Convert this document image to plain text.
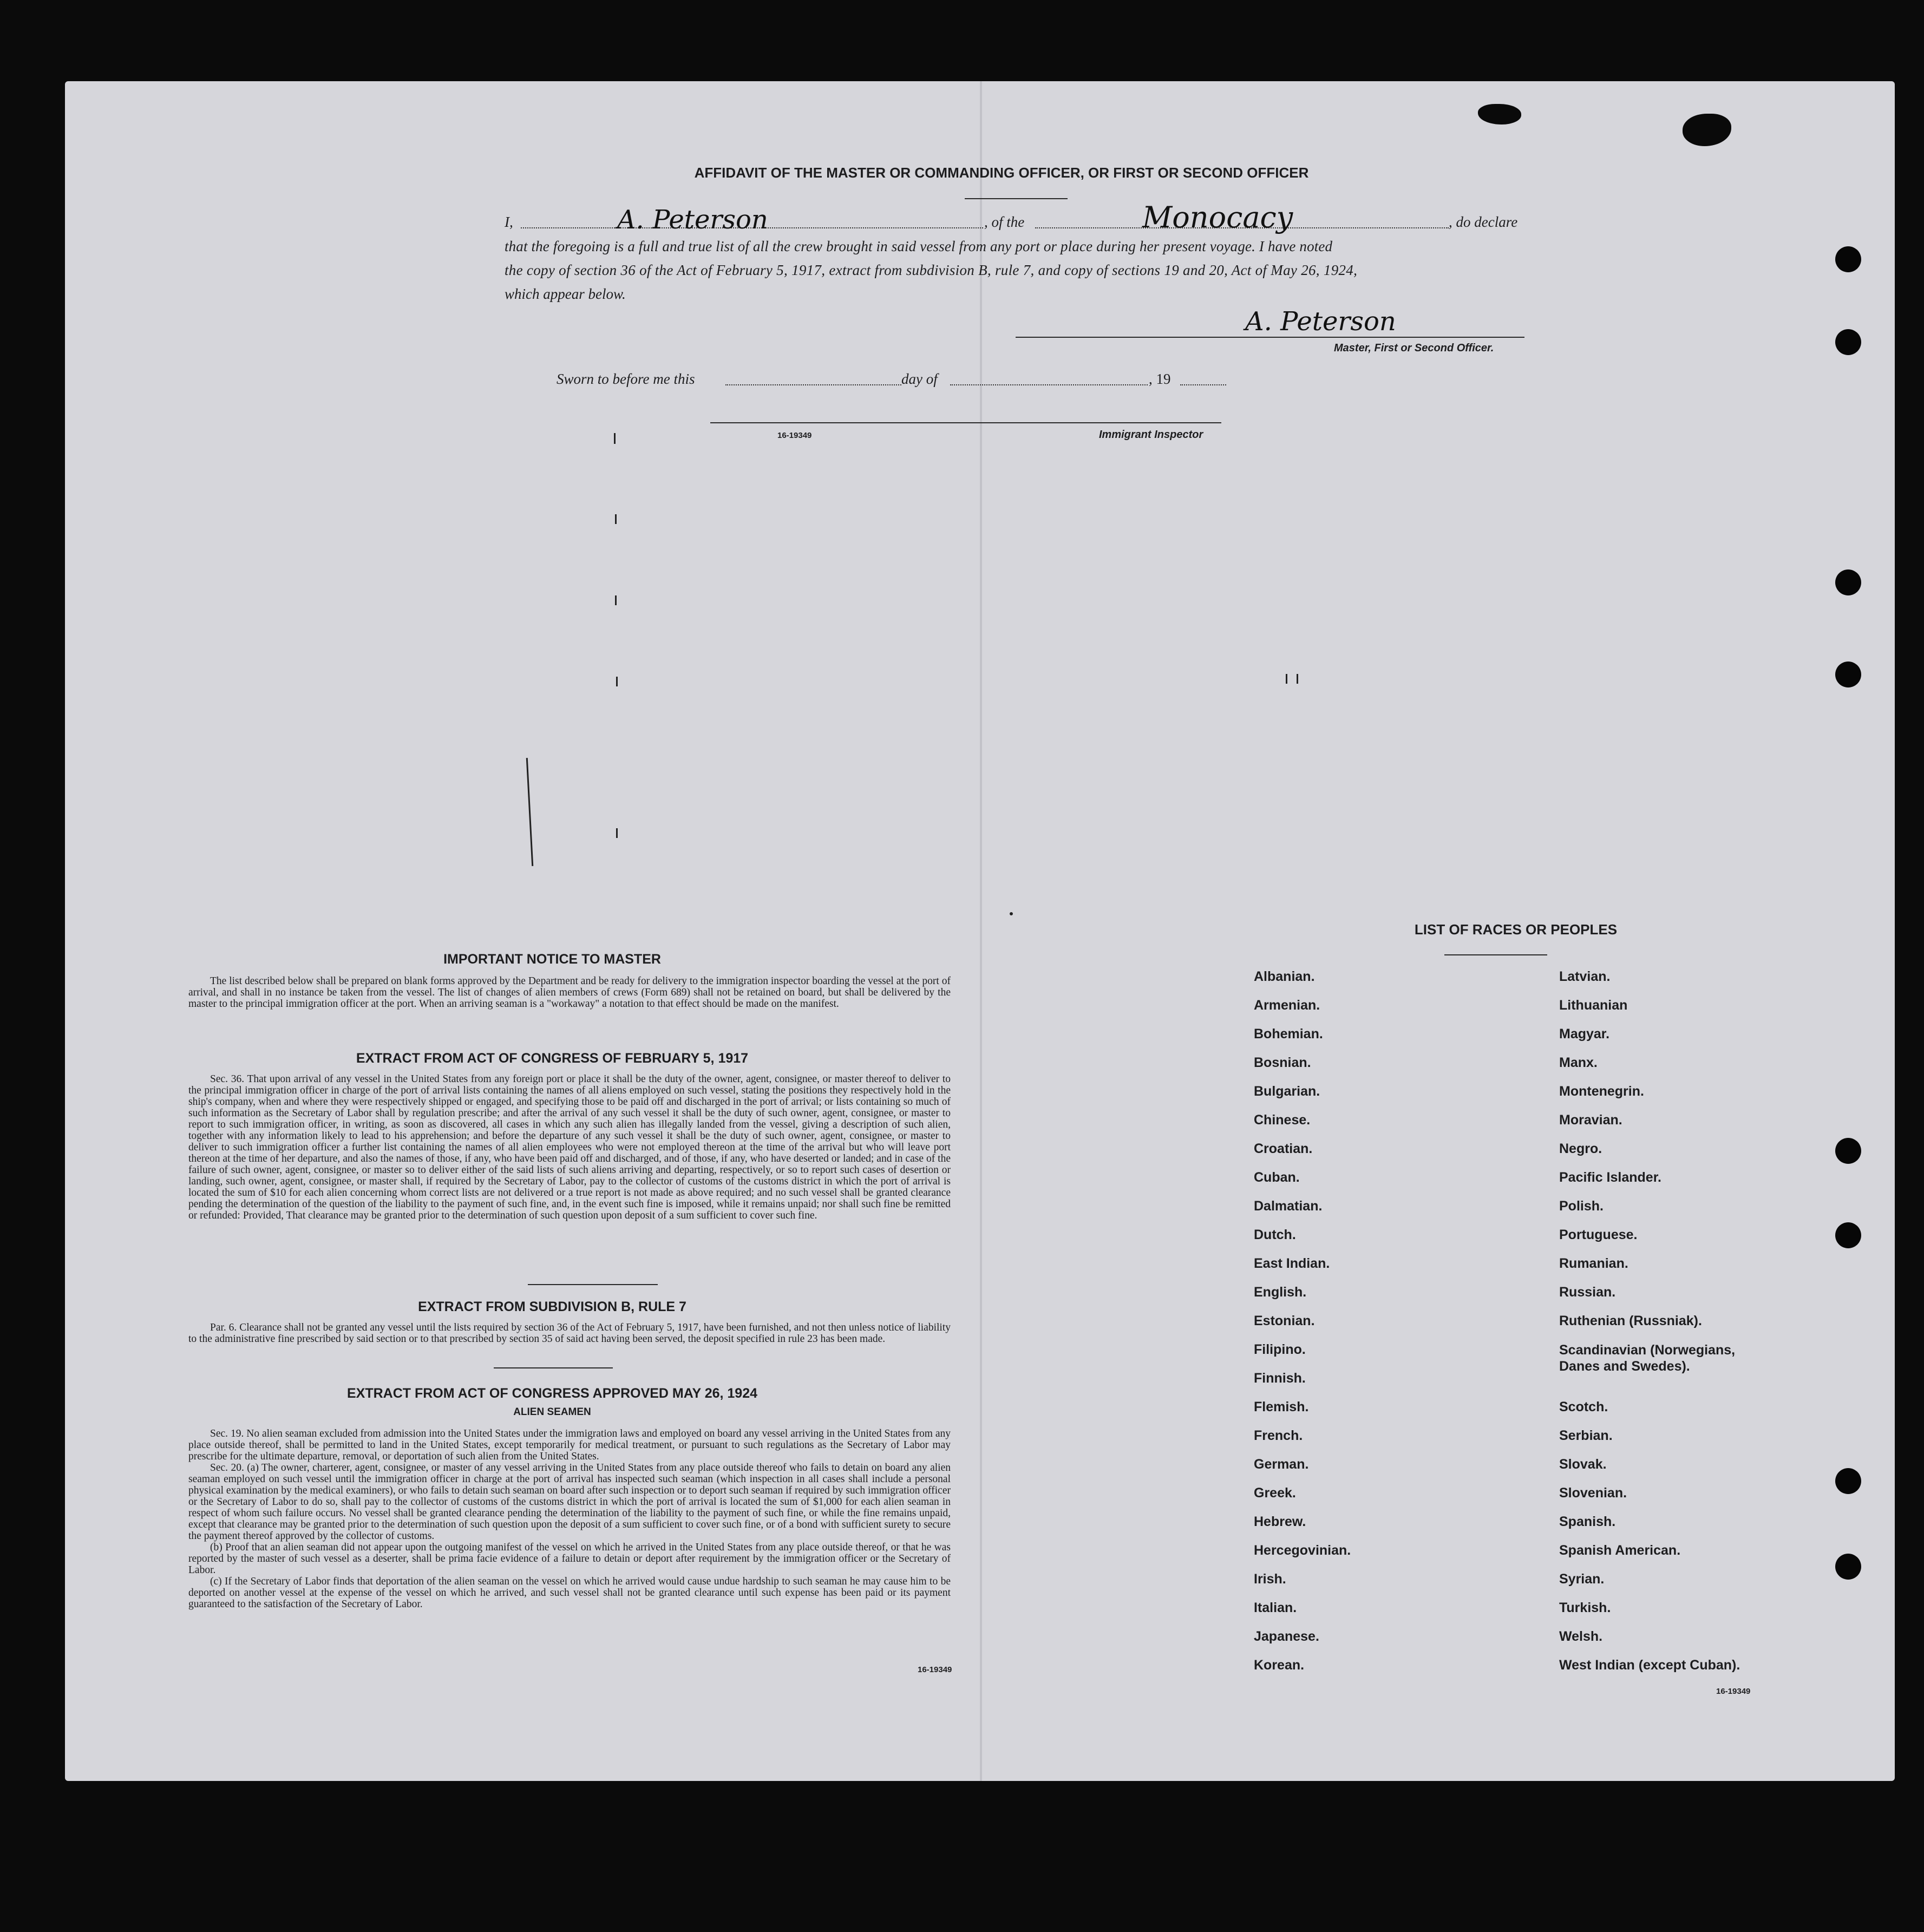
AFFIDAVIT OF THE MASTER OR COMMANDING OFFICER, OR FIRST OR SECOND OFFICER
I,	A. Peterson	, of the	Monocacy	, do declare
that the foregoing is a full and true list of all the crew brought in said vessel from any port or place during her present voyage. I have noted
the copy of section 36 of the Act of February 5, 1917, extract from subdivision B, rule 7, and copy of sections 19 and 20, Act of May 26, 1924,
which appear below.
A. Peterson
Master, First or Second Officer.
Sworn to before me this	day of	, 19
16-19349	Immigrant Inspector
IMPORTANT NOTICE TO MASTER

The list described below shall be prepared on blank forms approved by the Department and be ready for delivery to the immigration inspector boarding the vessel at the port of arrival, and shall in no instance be taken from the vessel. The list of changes of alien members of crews (Form 689) shall not be retained on board, but shall be delivered by the master to the principal immigration officer at the port. When an arriving seaman is a "workaway" a notation to that effect should be made on the manifest.

EXTRACT FROM ACT OF CONGRESS OF FEBRUARY 5, 1917

Sec. 36. That upon arrival of any vessel in the United States from any foreign port or place it shall be the duty of the owner, agent, consignee, or master thereof to deliver to the principal immigration officer in charge of the port of arrival lists containing the names of all aliens employed on such vessel, stating the positions they respectively hold in the ship's company, when and where they were respectively shipped or engaged, and specifying those to be paid off and discharged in the port of arrival; or lists containing so much of such information as the Secretary of Labor shall by regulation prescribe; and after the arrival of any such vessel it shall be the duty of such owner, agent, consignee, or master to report to such immigration officer, in writing, as soon as discovered, all cases in which any such alien has illegally landed from the vessel, giving a description of such alien, together with any information likely to lead to his apprehension; and before the departure of any such vessel it shall be the duty of such owner, agent, consignee, or master to deliver to such immigration officer a further list containing the names of all alien employees who were not employed thereon at the time of the arrival but who will leave port thereon at the time of her departure, and also the names of those, if any, who have been paid off and discharged, and of those, if any, who have deserted or landed; and in case of the failure of such owner, agent, consignee, or master so to deliver either of the said lists of such aliens arriving and departing, respectively, or so to report such cases of desertion or landing, such owner, agent, consignee, or master shall, if required by the Secretary of Labor, pay to the collector of customs of the customs district in which the port of arrival is located the sum of $10 for each alien concerning whom correct lists are not delivered or a true report is not made as above required; and no such vessel shall be granted clearance pending the determination of the question of the liability to the payment of such fine, and, in the event such fine is imposed, while it remains unpaid; nor shall such fine be remitted or refunded: Provided, That clearance may be granted prior to the determination of such question upon deposit of a sum sufficient to cover such fine.

EXTRACT FROM SUBDIVISION B, RULE 7

Par. 6. Clearance shall not be granted any vessel until the lists required by section 36 of the Act of February 5, 1917, have been furnished, and not then unless notice of liability to the administrative fine prescribed by said section or to that prescribed by section 35 of said act having been served, the deposit specified in rule 23 has been made.

EXTRACT FROM ACT OF CONGRESS APPROVED MAY 26, 1924
ALIEN SEAMEN

Sec. 19. No alien seaman excluded from admission into the United States under the immigration laws and employed on board any vessel arriving in the United States from any place outside thereof, shall be permitted to land in the United States, except temporarily for medical treatment, or pursuant to such regulations as the Secretary of Labor may prescribe for the ultimate departure, removal, or deportation of such alien from the United States.

Sec. 20. (a) The owner, charterer, agent, consignee, or master of any vessel arriving in the United States from any place outside thereof who fails to detain on board any alien seaman employed on such vessel until the immigration officer in charge at the port of arrival has inspected such seaman (which inspection in all cases shall include a personal physical examination by the medical examiners), or who fails to detain such seaman on board after such inspection or to deport such seaman if required by such immigration officer or the Secretary of Labor to do so, shall pay to the collector of customs of the customs district in which the port of arrival is located the sum of $1,000 for each alien seaman in respect of whom such failure occurs. No vessel shall be granted clearance pending the determination of the liability to the payment of such fine, or while the fine remains unpaid, except that clearance may be granted prior to the determination of such question upon the deposit of a sum sufficient to cover such fine, or of a bond with sufficient surety to secure the payment thereof approved by the collector of customs.

(b) Proof that an alien seaman did not appear upon the outgoing manifest of the vessel on which he arrived in the United States from any place outside thereof, or that he was reported by the master of such vessel as a deserter, shall be prima facie evidence of a failure to detain or deport after requirement by the immigration officer or the Secretary of Labor.

(c) If the Secretary of Labor finds that deportation of the alien seaman on the vessel on which he arrived would cause undue hardship to such seaman he may cause him to be deported on another vessel at the expense of the vessel on which he arrived, and such vessel shall not be granted clearance until such expense has been paid or its payment guaranteed to the satisfaction of the Secretary of Labor.

16-19349
LIST OF RACES OR PEOPLES
Albanian.
Armenian.
Bohemian.
Bosnian.
Bulgarian.
Chinese.
Croatian.
Cuban.
Dalmatian.
Dutch.
East Indian.
English.
Estonian.
Filipino.
Finnish.
Flemish.
French.
German.
Greek.
Hebrew.
Hercegovinian.
Irish.
Italian.
Japanese.
Korean.
Latvian.
Lithuanian
Magyar.
Manx.
Montenegrin.
Moravian.
Negro.
Pacific Islander.
Polish.
Portuguese.
Rumanian.
Russian.
Ruthenian (Russniak).
Scandinavian (Norwegians, Danes and Swedes).
Scotch.
Serbian.
Slovak.
Slovenian.
Spanish.
Spanish American.
Syrian.
Turkish.
Welsh.
West Indian (except Cuban).
16-19349
